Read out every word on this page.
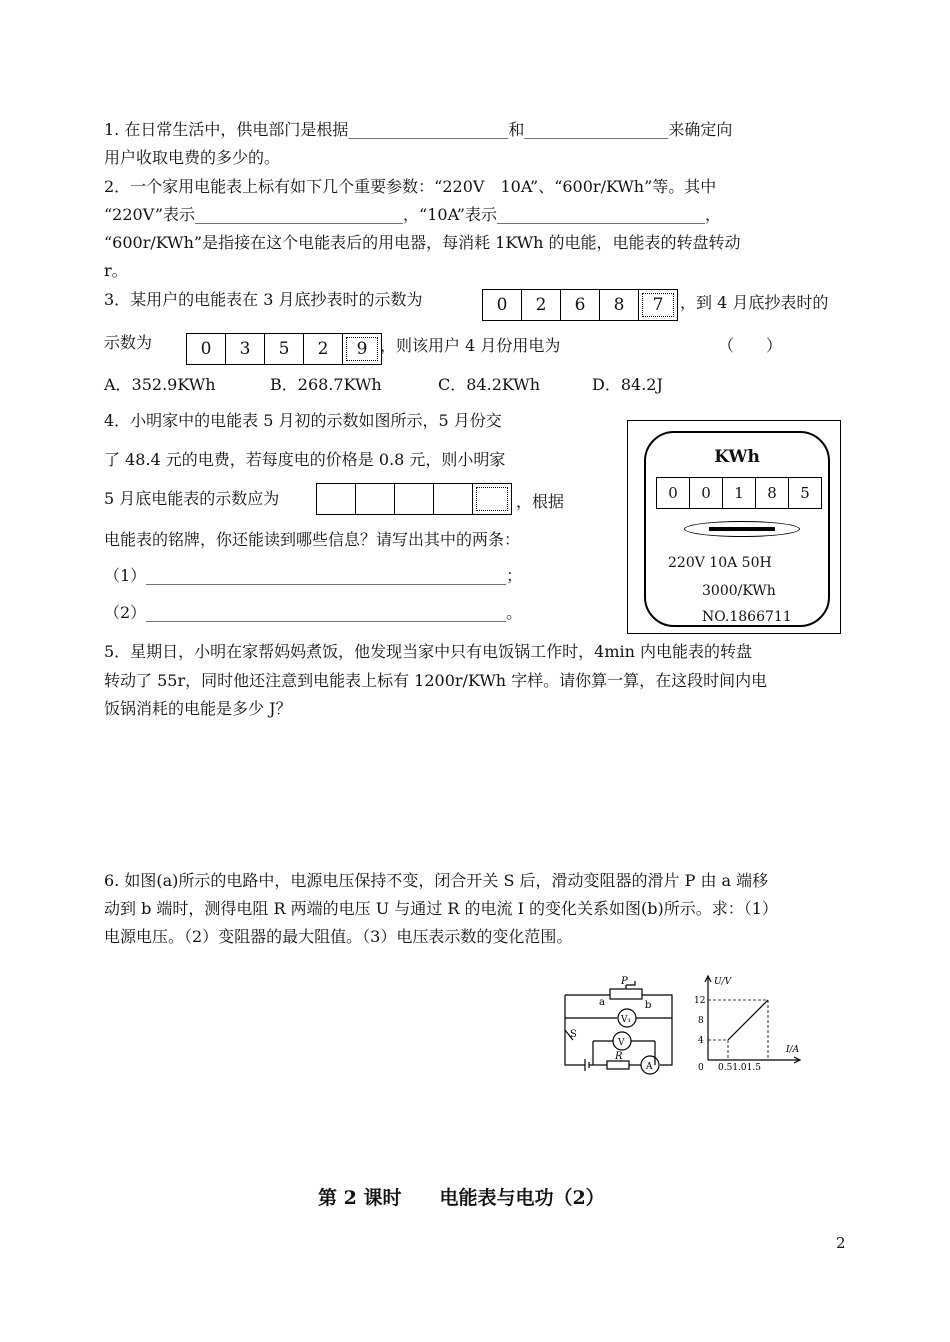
1. 在日常生活中，供电部门是根据____________________和__________________来确定向
用户收取电费的多少的。
2．一个家用电能表上标有如下几个重要参数：“220V　10A”、“600r/KWh”等。其中
“220V”表示__________________________，“10A”表示__________________________，
“600r/KWh”是指接在这个电能表后的用电器，每消耗 1KWh 的电能，电能表的转盘转动
r。
3．某用户的电能表在 3 月底抄表时的示数为	0	2	6	8	7	，到 4 月底抄表时的
示数为	0	3	5	2	9 ，则该用户 4 月份用电为	（　　）
A．352.9KWh	B．268.7KWh	C．84.2KWh	D．84.2J
4．小明家中的电能表 5 月初的示数如图所示，5 月份交
了 48.4 元的电费，若每度电的价格是 0.8 元，则小明家
5 月底电能表的示数应为	，根据
电能表的铭牌，你还能读到哪些信息？请写出其中的两条：
（1）_____________________________________________；
（2）_____________________________________________。
KWh
0	0	1	8	5
220V 10A 50H
3000/KWh
NO.1866711
5．星期日，小明在家帮妈妈煮饭，他发现当家中只有电饭锅工作时，4min 内电能表的转盘
转动了 55r，同时他还注意到电能表上标有 1200r/KWh 字样。请你算一算，在这段时间内电
饭锅消耗的电能是多少 J？
6. 如图(a)所示的电路中，电源电压保持不变，闭合开关 S 后，滑动变阻器的滑片 P 由 a 端移
动到 b 端时，测得电阻 R 两端的电压 U 与通过 R 的电流 I 的变化关系如图(b)所示。求：（1）
电源电压。（2）变阻器的最大阻值。（3）电压表示数的变化范围。
P
a	b
V₁
V
S
R
A
U/V
I/A
12
8
4
0 0.51.01.5
第 2 课时　　电能表与电功（2）
2
